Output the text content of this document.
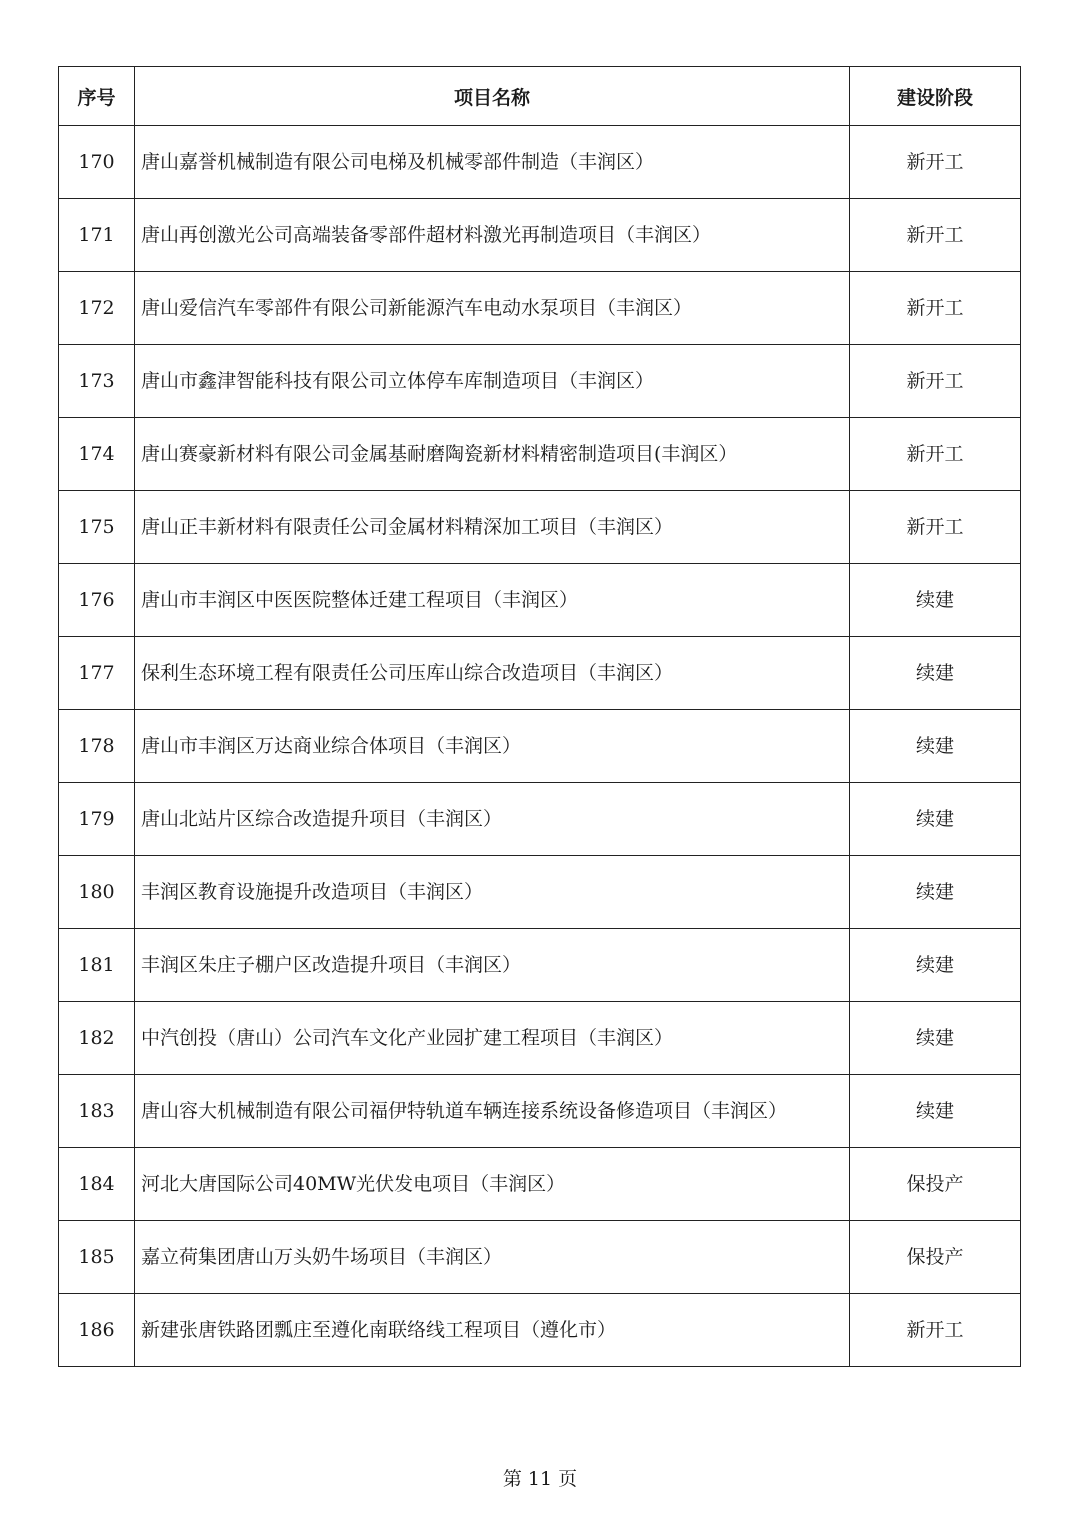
序号	项目名称	建设阶段
170	唐山嘉誉机械制造有限公司电梯及机械零部件制造（丰润区）	新开工
171	唐山再创激光公司高端装备零部件超材料激光再制造项目（丰润区）	新开工
172	唐山爱信汽车零部件有限公司新能源汽车电动水泵项目（丰润区）	新开工
173	唐山市鑫津智能科技有限公司立体停车库制造项目（丰润区）	新开工
174	唐山赛豪新材料有限公司金属基耐磨陶瓷新材料精密制造项目(丰润区）	新开工
175	唐山正丰新材料有限责任公司金属材料精深加工项目（丰润区）	新开工
176	唐山市丰润区中医医院整体迁建工程项目（丰润区）	续建
177	保利生态环境工程有限责任公司压库山综合改造项目（丰润区）	续建
178	唐山市丰润区万达商业综合体项目（丰润区）	续建
179	唐山北站片区综合改造提升项目（丰润区）	续建
180	丰润区教育设施提升改造项目（丰润区）	续建
181	丰润区朱庄子棚户区改造提升项目（丰润区）	续建
182	中汽创投（唐山）公司汽车文化产业园扩建工程项目（丰润区）	续建
183	唐山容大机械制造有限公司福伊特轨道车辆连接系统设备修造项目（丰润区）	续建
184	河北大唐国际公司40MW光伏发电项目（丰润区）	保投产
185	嘉立荷集团唐山万头奶牛场项目（丰润区）	保投产
186	新建张唐铁路团瓢庄至遵化南联络线工程项目（遵化市）	新开工
第 11 页
